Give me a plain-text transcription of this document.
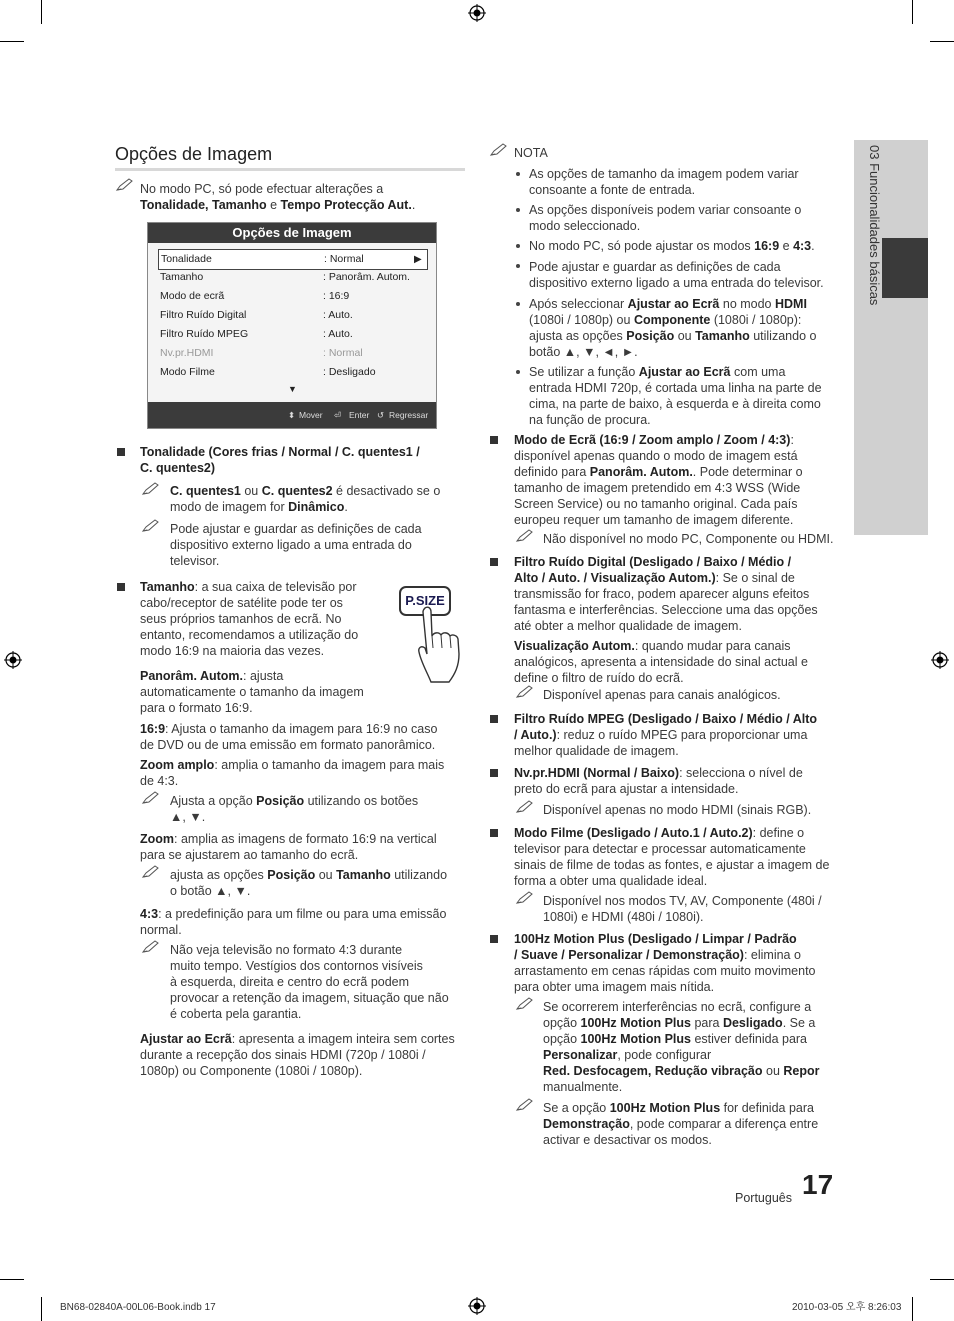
03 Funcionalidades básicas
Opções de Imagem
No modo PC, só pode efectuar alterações a
Tonalidade, Tamanho e Tempo Protecção Aut..
Opções de Imagem
Tonalidade	: Normal	▶
Tamanho	: Panorâm. Autom.
Modo de ecrã	: 16:9
Filtro Ruído Digital	: Auto.
Filtro Ruído MPEG	: Auto.
Nv.pr.HDMI	: Normal
Modo Filme	: Desligado
▼
⬍ Mover ⏎ Enter ↺ Regressar
Tonalidade (Cores frias / Normal / C. quentes1 /
C. quentes2)
C. quentes1 ou C. quentes2 é desactivado se o
modo de imagem for Dinâmico.
Pode ajustar e guardar as definições de cada
dispositivo externo ligado a uma entrada do
televisor.
Tamanho: a sua caixa de televisão por
cabo/receptor de satélite pode ter os
seus próprios tamanhos de ecrã. No
entanto, recomendamos a utilização do
modo 16:9 na maioria das vezes.
P.SIZE
Panorâm. Autom.: ajusta
automaticamente o tamanho da imagem
para o formato 16:9.
16:9: Ajusta o tamanho da imagem para 16:9 no caso
de DVD ou de uma emissão em formato panorâmico.
Zoom amplo: amplia o tamanho da imagem para mais
de 4:3.
Ajusta a opção Posição utilizando os botões
▲, ▼.
Zoom: amplia as imagens de formato 16:9 na vertical
para se ajustarem ao tamanho do ecrã.
ajusta as opções Posição ou Tamanho utilizando
o botão ▲, ▼.
4:3: a predefinição para um filme ou para uma emissão
normal.
Não veja televisão no formato 4:3 durante
muito tempo. Vestígios dos contornos visíveis
à esquerda, direita e centro do ecrã podem
provocar a retenção da imagem, situação que não
é coberta pela garantia.
Ajustar ao Ecrã: apresenta a imagem inteira sem cortes
durante a recepção dos sinais HDMI (720p / 1080i /
1080p) ou Componente (1080i / 1080p).
NOTA
As opções de tamanho da imagem podem variar
consoante a fonte de entrada.
As opções disponíveis podem variar consoante o
modo seleccionado.
No modo PC, só pode ajustar os modos 16:9 e 4:3.
Pode ajustar e guardar as definições de cada
dispositivo externo ligado a uma entrada do televisor.
Após seleccionar Ajustar ao Ecrã no modo HDMI
(1080i / 1080p) ou Componente (1080i / 1080p):
ajusta as opções Posição ou Tamanho utilizando o
botão ▲, ▼, ◄, ►.
Se utilizar a função Ajustar ao Ecrã com uma
entrada HDMI 720p, é cortada uma linha na parte de
cima, na parte de baixo, à esquerda e à direita como
na função de procura.
Modo de Ecrã (16:9 / Zoom amplo / Zoom / 4:3):
disponível apenas quando o modo de imagem está
definido para Panorâm. Autom.. Pode determinar o
tamanho de imagem pretendido em 4:3 WSS (Wide
Screen Service) ou no tamanho original. Cada país
europeu requer um tamanho de imagem diferente.
Não disponível no modo PC, Componente ou HDMI.
Filtro Ruído Digital (Desligado / Baixo / Médio /
Alto / Auto. / Visualização Autom.): Se o sinal de
transmissão for fraco, podem aparecer alguns efeitos
fantasma e interferências. Seleccione uma das opções
até obter a melhor qualidade de imagem.
Visualização Autom.: quando mudar para canais
analógicos, apresenta a intensidade do sinal actual e
define o filtro de ruído do ecrã.
Disponível apenas para canais analógicos.
Filtro Ruído MPEG (Desligado / Baixo / Médio / Alto
/ Auto.): reduz o ruído MPEG para proporcionar uma
melhor qualidade de imagem.
Nv.pr.HDMI (Normal / Baixo): selecciona o nível de
preto do ecrã para ajustar a intensidade.
Disponível apenas no modo HDMI (sinais RGB).
Modo Filme (Desligado / Auto.1 / Auto.2): define o
televisor para detectar e processar automaticamente
sinais de filme de todas as fontes, e ajustar a imagem de
forma a obter uma qualidade ideal.
Disponível nos modos TV, AV, Componente (480i /
1080i) e HDMI (480i / 1080i).
100Hz Motion Plus (Desligado / Limpar / Padrão
/ Suave / Personalizar / Demonstração): elimina o
arrastamento em cenas rápidas com muito movimento
para obter uma imagem mais nítida.
Se ocorrerem interferências no ecrã, configure a
opção 100Hz Motion Plus para Desligado. Se a
opção 100Hz Motion Plus estiver definida para
Personalizar, pode configurar
Red. Desfocagem, Redução vibração ou Repor
manualmente.
Se a opção 100Hz Motion Plus for definida para
Demonstração, pode comparar a diferença entre
activar e desactivar os modos.
Português 17
BN68-02840A-00L06-Book.indb 17	2010-03-05 오후 8:26:03
